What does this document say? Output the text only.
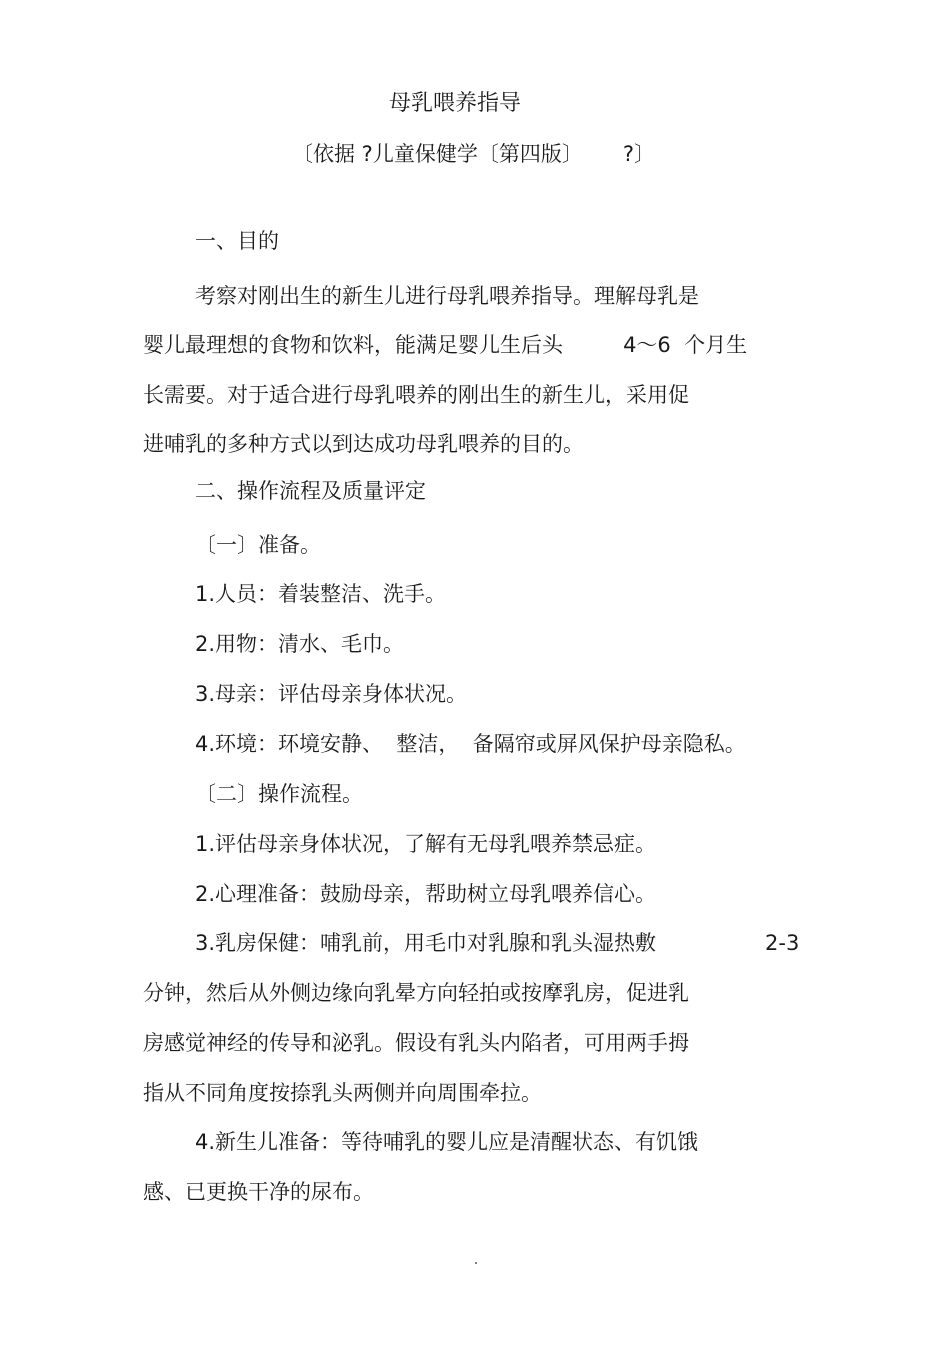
母乳喂养指导
〔依据 ?儿童保健学〔第四版〕      ?〕
一、目的
考察对刚出生的新生儿进行母乳喂养指导。理解母乳是
婴儿最理想的食物和饮料，能满足婴儿生后头         4～6  个月生
长需要。对于适合进行母乳喂养的刚出生的新生儿，采用促
进哺乳的多种方式以到达成功母乳喂养的目的。
二、操作流程及质量评定
〔一〕准备。
1.人员：着装整洁、洗手。
2.用物：清水、毛巾。
3.母亲：评估母亲身体状况。
4.环境：环境安静、  整洁，  备隔帘或屏风保护母亲隐私。
〔二〕操作流程。
1.评估母亲身体状况，了解有无母乳喂养禁忌症。
2.心理准备：鼓励母亲，帮助树立母乳喂养信心。
3.乳房保健：哺乳前，用毛巾对乳腺和乳头湿热敷	2-3
分钟，然后从外侧边缘向乳晕方向轻拍或按摩乳房，促进乳
房感觉神经的传导和泌乳。假设有乳头内陷者，可用两手拇
指从不同角度按捺乳头两侧并向周围牵拉。
4.新生儿准备：等待哺乳的婴儿应是清醒状态、有饥饿
感、已更换干净的尿布。
